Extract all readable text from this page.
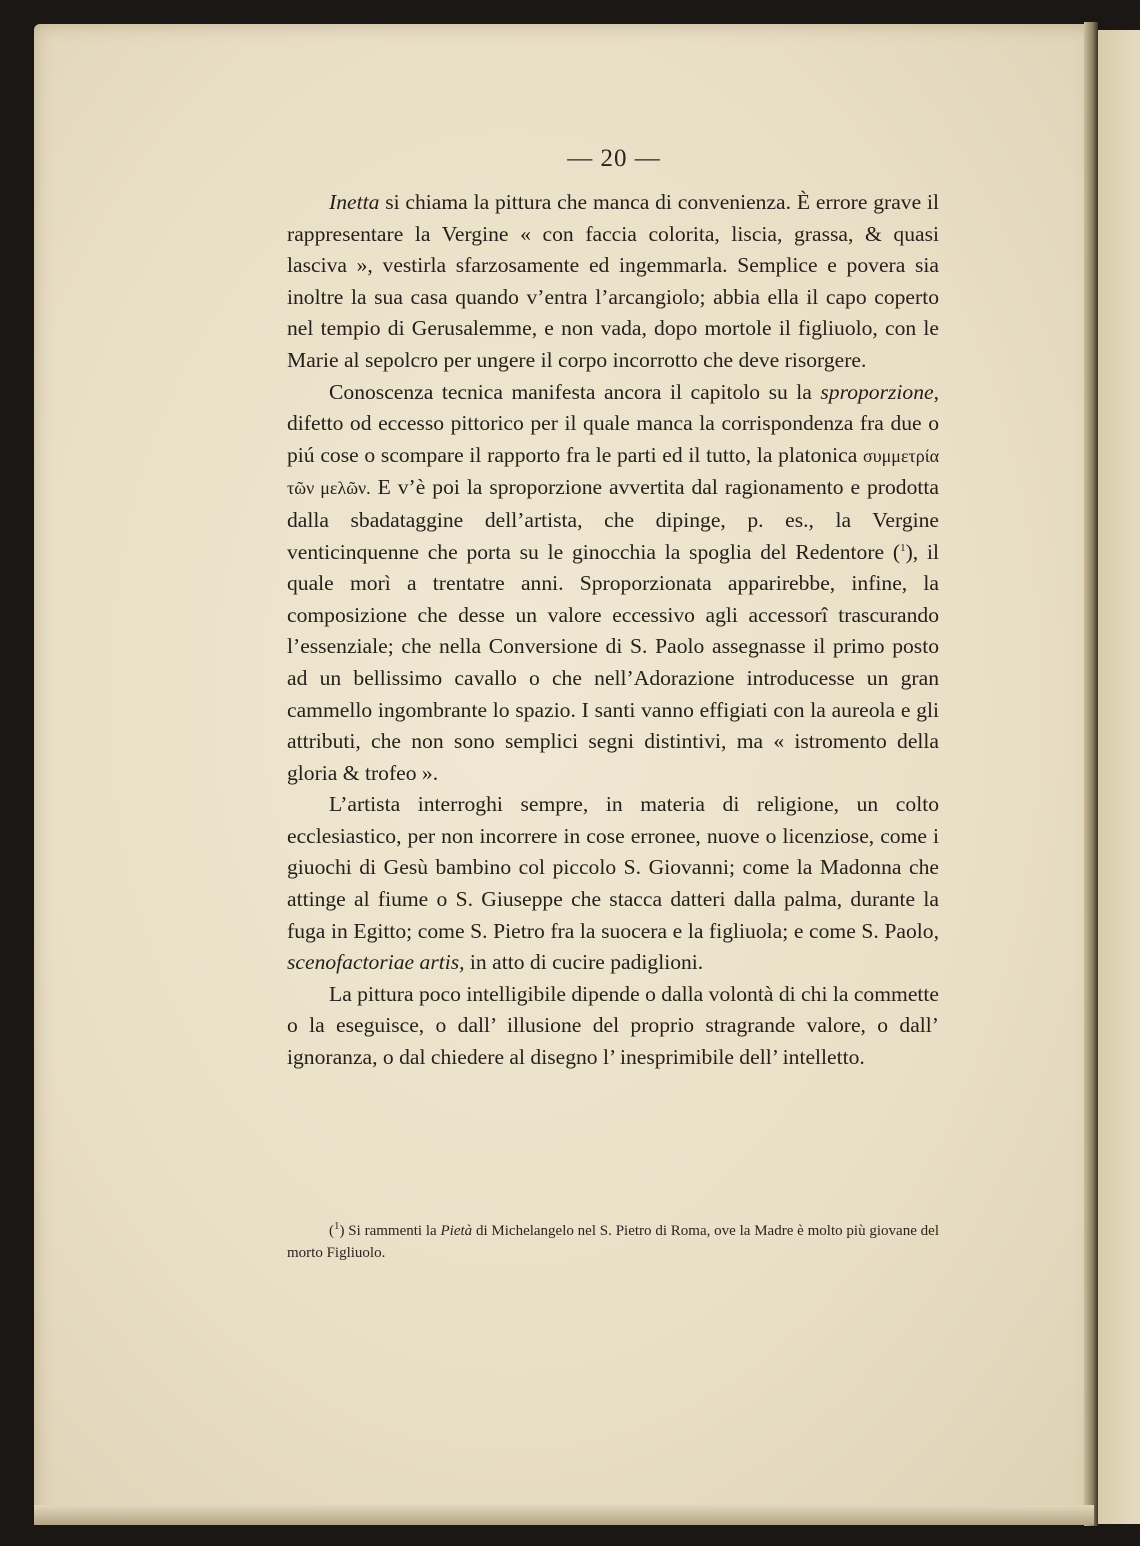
— 20 —

Inetta si chiama la pittura che manca di convenienza. È errore grave il rappresentare la Vergine « con faccia colorita, liscia, grassa, & quasi lasciva », vestirla sfarzosamente ed ingemmarla. Semplice e povera sia inoltre la sua casa quando v’entra l’arcangiolo; abbia ella il capo coperto nel tempio di Gerusalemme, e non vada, dopo mortole il figliuolo, con le Marie al sepolcro per ungere il corpo incorrotto che deve risorgere.

Conoscenza tecnica manifesta ancora il capitolo su la sproporzione, difetto od eccesso pittorico per il quale manca la corrispondenza fra due o piú cose o scompare il rapporto fra le parti ed il tutto, la platonica συμμετρία τῶν μελῶν. E v’è poi la sproporzione avvertita dal ragionamento e prodotta dalla sbadataggine dell’artista, che dipinge, p. es., la Vergine venticinquenne che porta su le ginocchia la spoglia del Redentore ($^1$), il quale morì a trentatre anni. Sproporzionata apparirebbe, infine, la composizione che desse un valore eccessivo agli accessorî trascurando l’essenziale; che nella Conversione di S. Paolo assegnasse il primo posto ad un bellissimo cavallo o che nell’Adorazione introducesse un gran cammello ingombrante lo spazio. I santi vanno effigiati con la aureola e gli attributi, che non sono semplici segni distintivi, ma « istromento della gloria & trofeo ».

L’artista interroghi sempre, in materia di religione, un colto ecclesiastico, per non incorrere in cose erronee, nuove o licenziose, come i giuochi di Gesù bambino col piccolo S. Giovanni; come la Madonna che attinge al fiume o S. Giuseppe che stacca datteri dalla palma, durante la fuga in Egitto; come S. Pietro fra la suocera e la figliuola; e come S. Paolo, scenofactoriae artis, in atto di cucire padiglioni.

La pittura poco intelligibile dipende o dalla volontà di chi la commette o la eseguisce, o dall’ illusione del proprio stragrande valore, o dall’ ignoranza, o dal chiedere al disegno l’ inesprimibile dell’ intelletto.

($^1$) Si rammenti la Pietà di Michelangelo nel S. Pietro di Roma, ove la Madre è molto più giovane del morto Figliuolo.
